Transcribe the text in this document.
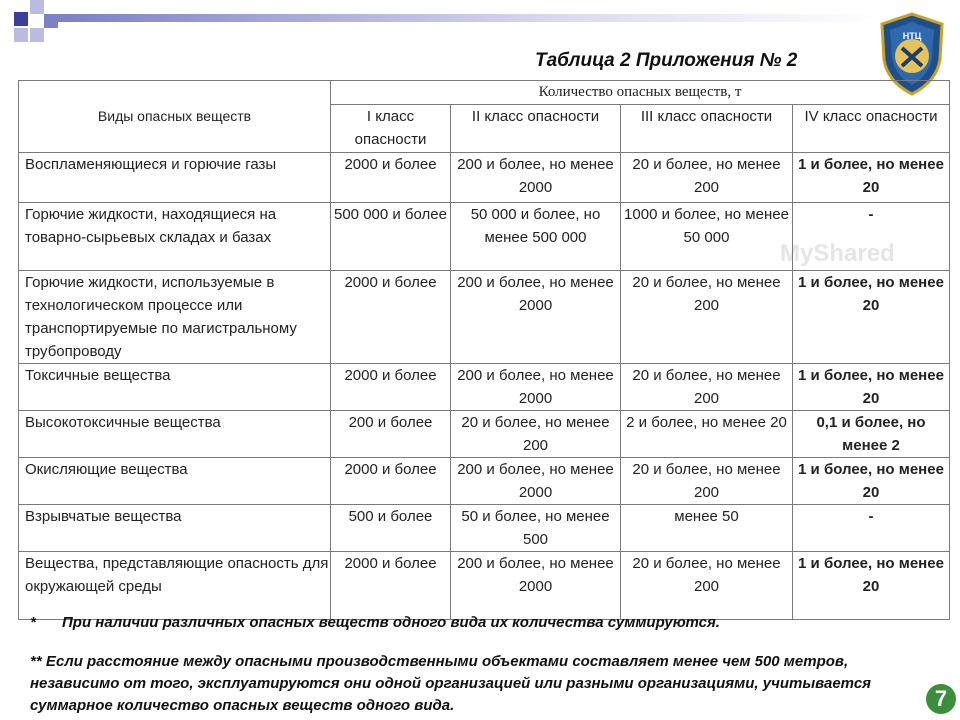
Таблица 2 Приложения № 2
НТЦ
MyShared
Виды опасных веществ	Количество опасных веществ, т			
	I класс опасности	II класс опасности	III класс опасности	IV класс опасности
Воспламеняющиеся и горючие газы	2000 и более	200 и более, но менее 2000	20 и более, но менее 200	1 и более, но менее 20
Горючие жидкости, находящиеся на товарно-сырьевых складах и базах	500 000 и более	50 000 и более, но менее 500 000	1000 и более, но менее 50 000	-
Горючие жидкости, используемые в технологическом процессе или транспортируемые по магистральному трубопроводу	2000 и более	200 и более, но менее 2000	20 и более, но менее 200	1 и более, но менее 20
Токсичные вещества	2000 и более	200 и более, но менее 2000	20 и более, но менее 200	1 и более, но менее 20
Высокотоксичные вещества	200 и более	20 и более, но менее 200	2 и более, но менее 20	0,1 и более, но менее 2
Окисляющие вещества	2000 и более	200 и более, но менее 2000	20 и более, но менее 200	1 и более, но менее 20
Взрывчатые вещества	500 и более	50 и более, но менее 500	менее 50	-
Вещества, представляющие опасность для окружающей среды	2000 и более	200 и более, но менее 2000	20 и более, но менее 200	1 и более, но менее 20
* При наличии различных опасных веществ одного вида их количества суммируются.
** Если расстояние между опасными производственными объектами составляет менее чем 500 метров, независимо от того, эксплуатируются они одной организацией или разными организациями, учитывается суммарное количество опасных веществ одного вида.	7
